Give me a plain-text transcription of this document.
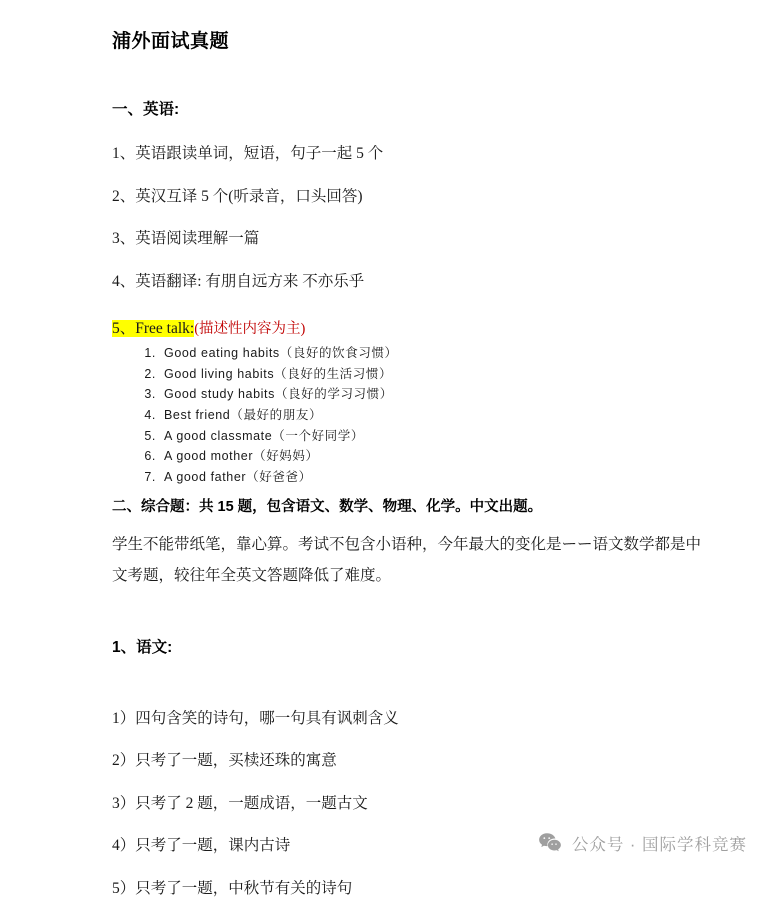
浦外面试真题
一、英语:
1、英语跟读单词，短语，句子一起 5 个
2、英汉互译 5 个(听录音，口头回答)
3、英语阅读理解一篇
4、英语翻译: 有朋自远方来 不亦乐乎
5、Free talk:(描述性内容为主)
1. Good eating habits（良好的饮食习惯）
2. Good living habits（良好的生活习惯）
3. Good study habits（良好的学习习惯）
4. Best friend（最好的朋友）
5. A good classmate（一个好同学）
6. A good mother（好妈妈）
7. A good father（好爸爸）
二、综合题：共 15 题，包含语文、数学、物理、化学。中文出题。

学生不能带纸笔，靠心算。考试不包含小语种，今年最大的变化是ーー语文数学都是中文考题，较往年全英文答题降低了难度。

1、语文:
1）四句含笑的诗句，哪一句具有讽刺含义
2）只考了一题，买椟还珠的寓意
3）只考了 2 题，一题成语，一题古文
4）只考了一题，课内古诗
5）只考了一题，中秋节有关的诗句
公众号 · 国际学科竞赛
